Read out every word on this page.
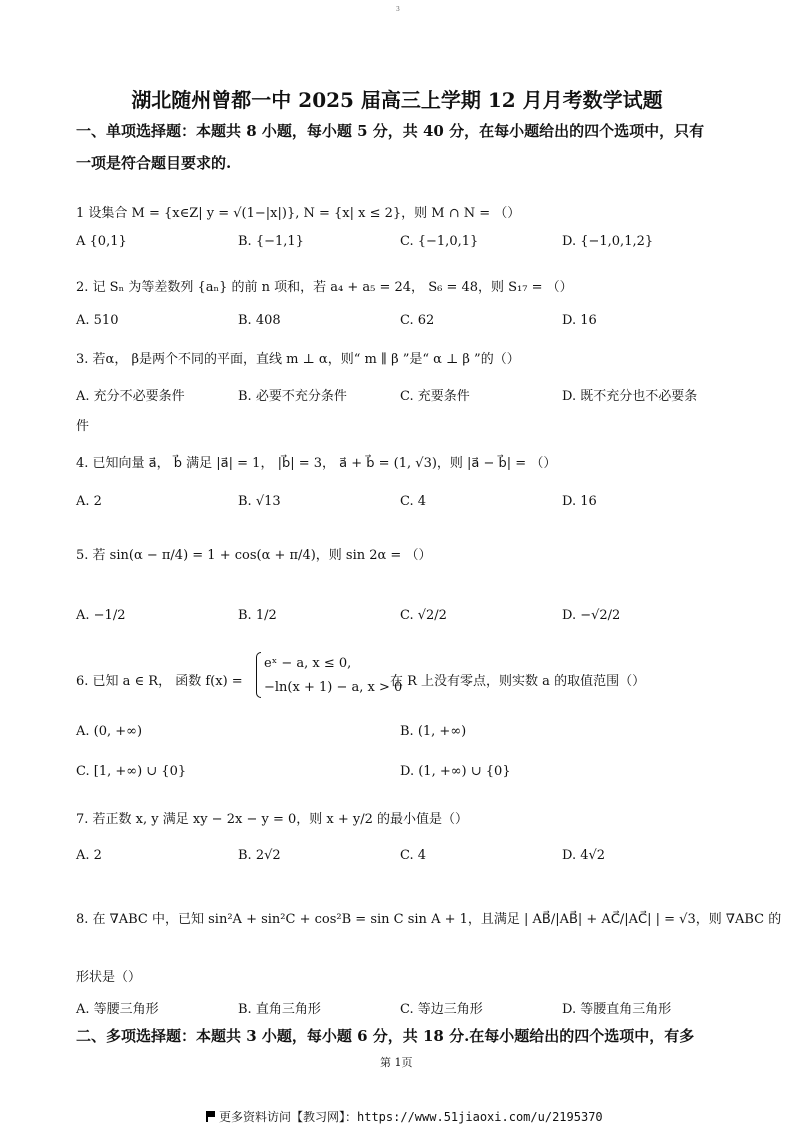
3
湖北随州曾都一中 2025 届高三上学期 12 月月考数学试题
一、单项选择题：本题共 8 小题，每小题 5 分，共 40 分，在每小题给出的四个选项中，只有
一项是符合题目要求的.
1 设集合 M = {x∈Z| y = √(1−|x|)}, N = {x| x ≤ 2}，则 M ∩ N = （）
A {0,1}	B. {−1,1}	C. {−1,0,1}	D. {−1,0,1,2}
2. 记 Sₙ 为等差数列 {aₙ} 的前 n 项和，若 a₄ + a₅ = 24， S₆ = 48，则 S₁₇ = （）
A. 510	B. 408	C. 62	D. 16
3. 若α， β是两个不同的平面，直线 m ⊥ α，则“ m ∥ β ”是“ α ⊥ β ”的（）
A. 充分不必要条件	B. 必要不充分条件	C. 充要条件	D. 既不充分也不必要条
件
4. 已知向量 a⃗， b⃗ 满足 |a⃗| = 1， |b⃗| = 3， a⃗ + b⃗ = (1, √3)，则 |a⃗ − b⃗| = （）
A. 2	B. √13	C. 4	D. 16
5. 若 sin(α − π/4) = 1 + cos(α + π/4)，则 sin 2α = （）
A. −1/2	B. 1/2	C. √2/2	D. −√2/2
6. 已知 a ∈ R， 函数 f(x) =
eˣ − a, x ≤ 0,
−ln(x + 1) − a, x > 0
在 R 上没有零点，则实数 a 的取值范围（）
A. (0, +∞)	B. (1, +∞)
C. [1, +∞) ∪ {0}	D. (1, +∞) ∪ {0}
7. 若正数 x, y 满足 xy − 2x − y = 0，则 x + y/2 的最小值是（）
A. 2	B. 2√2	C. 4	D. 4√2
8. 在 ∇ABC 中，已知 sin²A + sin²C + cos²B = sin C sin A + 1，且满足 | AB⃗/|AB⃗| + AC⃗/|AC⃗| | = √3，则 ∇ABC 的
形状是（）
A. 等腰三角形	B. 直角三角形	C. 等边三角形	D. 等腰直角三角形
二、多项选择题：本题共 3 小题，每小题 6 分，共 18 分.在每小题给出的四个选项中，有多
第 1页
更多资料访问【教习网】：https://www.51jiaoxi.com/u/2195370
